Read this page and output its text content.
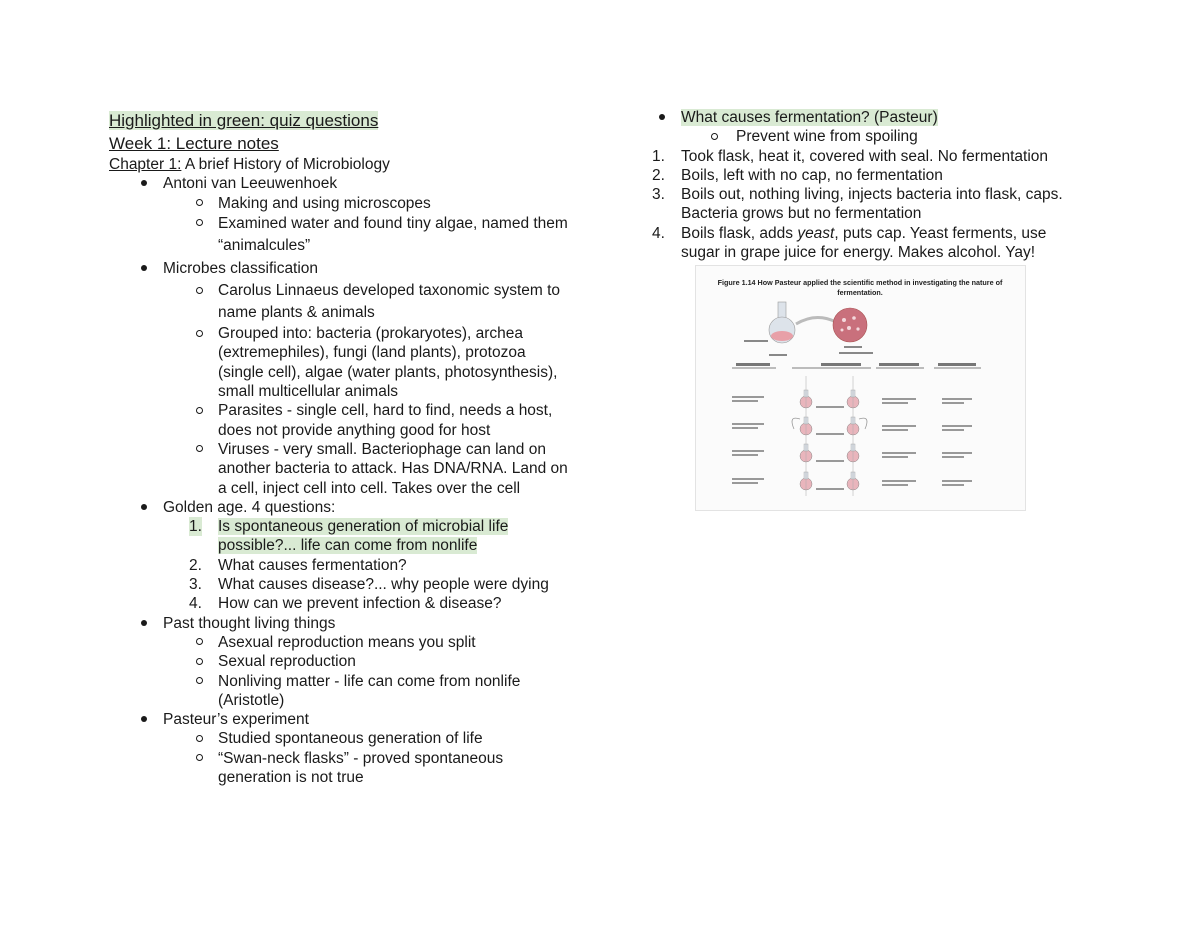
Highlighted in green: quiz questions
Week 1: Lecture notes
Chapter 1: A brief History of Microbiology
Antoni van Leeuwenhoek
Making and using microscopes
Examined water and found tiny algae, named them “animalcules”
Microbes classification
Carolus Linnaeus developed taxonomic system to name plants & animals
Grouped into: bacteria (prokaryotes), archea (extremephiles), fungi (land plants), protozoa (single cell), algae (water plants, photosynthesis), small multicellular animals
Parasites - single cell, hard to find, needs a host, does not provide anything good for host
Viruses - very small. Bacteriophage can land on another bacteria to attack. Has DNA/RNA. Land on a cell, inject cell into cell. Takes over the cell
Golden age. 4 questions:
1. Is spontaneous generation of microbial life possible?... life can come from nonlife
2. What causes fermentation?
3. What causes disease?... why people were dying
4. How can we prevent infection & disease?
Past thought living things
Asexual reproduction means you split
Sexual reproduction
Nonliving matter - life can come from nonlife (Aristotle)
Pasteur’s experiment
Studied spontaneous generation of life
“Swan-neck flasks” - proved spontaneous generation is not true
What causes fermentation? (Pasteur)
Prevent wine from spoiling
1. Took flask, heat it, covered with seal. No fermentation
2. Boils, left with no cap, no fermentation
3. Boils out, nothing living, injects bacteria into flask, caps. Bacteria grows but no fermentation
4. Boils flask, adds yeast, puts cap. Yeast ferments, use sugar in grape juice for energy. Makes alcohol. Yay!
Figure 1.14 How Pasteur applied the scientific method in investigating the nature of
fermentation.
